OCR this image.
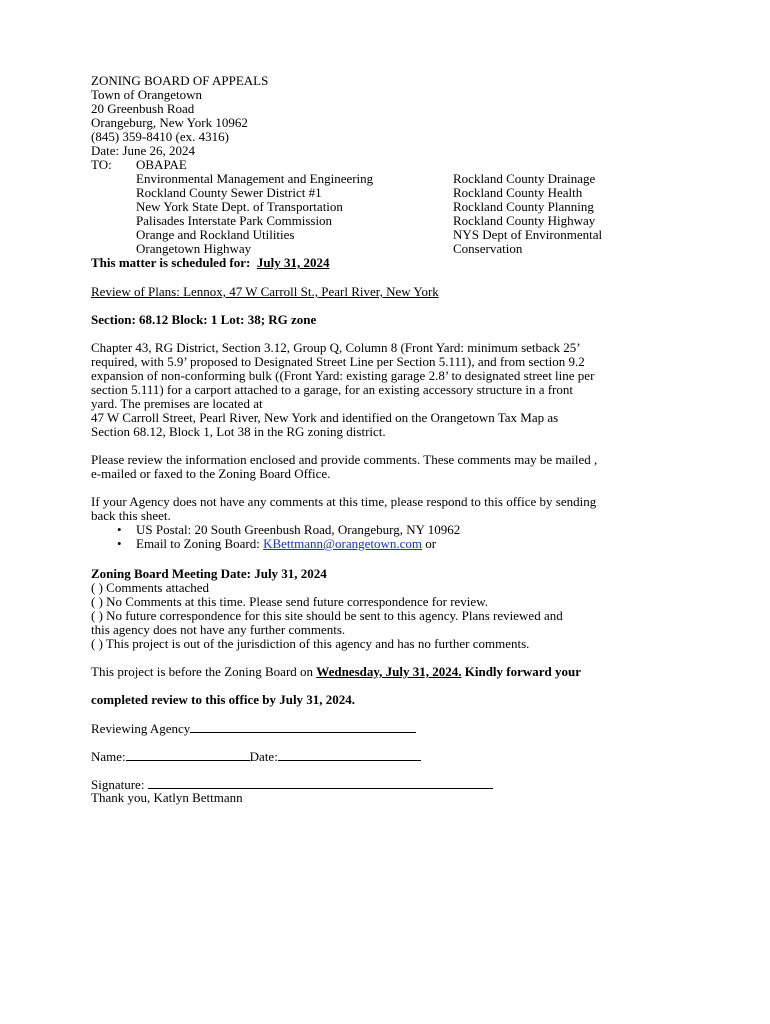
ZONING BOARD OF APPEALS
Town of Orangetown
20 Greenbush Road
Orangeburg, New York 10962
(845) 359-8410 (ex. 4316)
Date: June 26, 2024
TO: OBAPAE
Environmental Management and Engineering
Rockland County Sewer District #1
New York State Dept. of Transportation
Palisades Interstate Park Commission
Orange and Rockland Utilities
Orangetown Highway
Rockland County Drainage
Rockland County Health
Rockland County Planning
Rockland County Highway
NYS Dept of Environmental
Conservation
This matter is scheduled for: July 31, 2024
Review of Plans: Lennox, 47 W Carroll St., Pearl River, New York
Section: 68.12 Block: 1 Lot: 38; RG zone
Chapter 43, RG District, Section 3.12, Group Q, Column 8 (Front Yard: minimum setback 25’
required, with 5.9’ proposed to Designated Street Line per Section 5.111), and from section 9.2
expansion of non-conforming bulk ((Front Yard: existing garage 2.8’ to designated street line per
section 5.111) for a carport attached to a garage, for an existing accessory structure in a front
yard. The premises are located at
47 W Carroll Street, Pearl River, New York and identified on the Orangetown Tax Map as
Section 68.12, Block 1, Lot 38 in the RG zoning district.
Please review the information enclosed and provide comments. These comments may be mailed ,
e-mailed or faxed to the Zoning Board Office.
If your Agency does not have any comments at this time, please respond to this office by sending
back this sheet.
• US Postal: 20 South Greenbush Road, Orangeburg, NY 10962
• Email to Zoning Board: KBettmann@orangetown.com or
Zoning Board Meeting Date: July 31, 2024
( ) Comments attached
( ) No Comments at this time. Please send future correspondence for review.
( ) No future correspondence for this site should be sent to this agency. Plans reviewed and
this agency does not have any further comments.
( ) This project is out of the jurisdiction of this agency and has no further comments.
This project is before the Zoning Board on Wednesday, July 31, 2024. Kindly forward your
completed review to this office by July 31, 2024.
Reviewing Agency
Name:	Date:
Signature:
Thank you, Katlyn Bettmann
